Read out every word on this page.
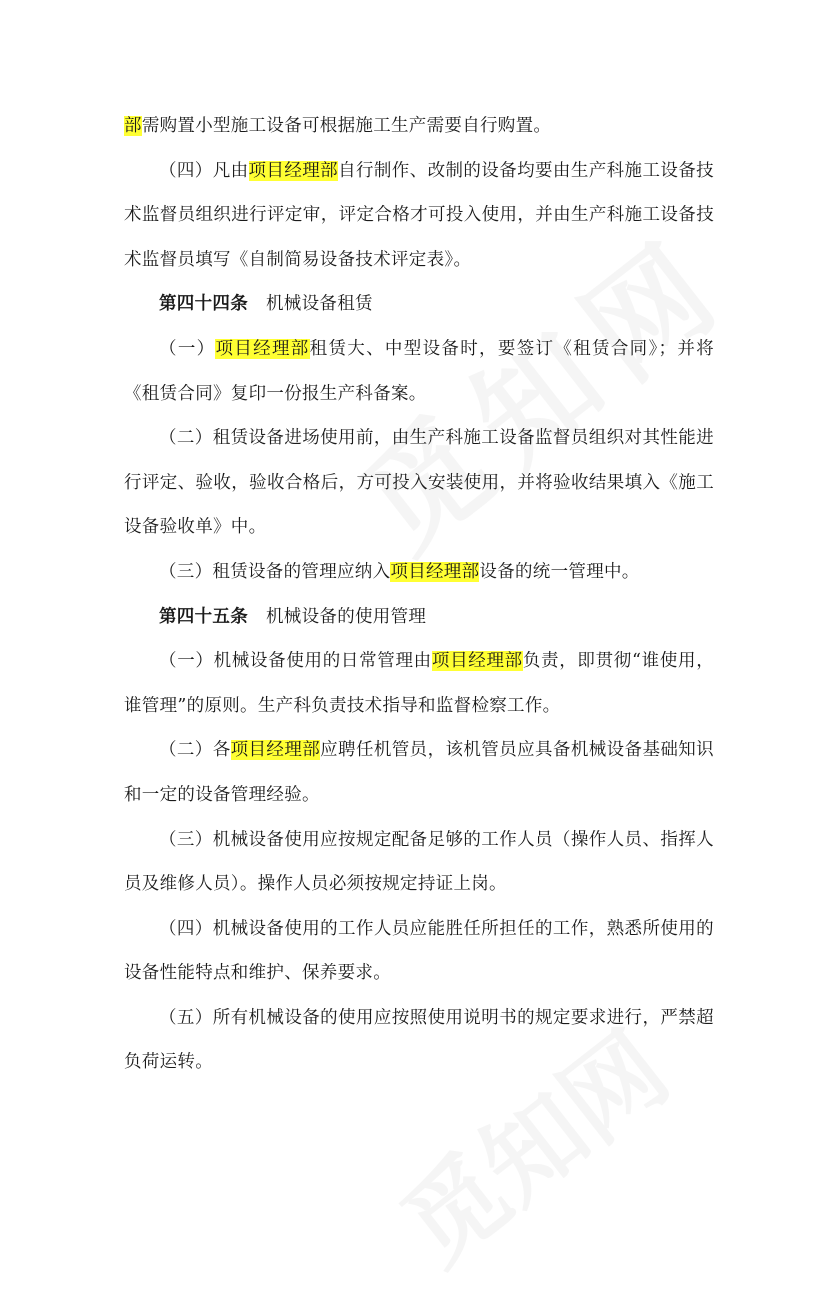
部需购置小型施工设备可根据施工生产需要自行购置。

（四）凡由项目经理部自行制作、改制的设备均要由生产科施工设备技术监督员组织进行评定审，评定合格才可投入使用，并由生产科施工设备技术监督员填写《自制简易设备技术评定表》。

第四十四条 机械设备租赁

（一）项目经理部租赁大、中型设备时，要签订《租赁合同》；并将《租赁合同》复印一份报生产科备案。

（二）租赁设备进场使用前，由生产科施工设备监督员组织对其性能进行评定、验收，验收合格后，方可投入安装使用，并将验收结果填入《施工设备验收单》中。

（三）租赁设备的管理应纳入项目经理部设备的统一管理中。

第四十五条 机械设备的使用管理

（一）机械设备使用的日常管理由项目经理部负责，即贯彻“谁使用，谁管理”的原则。生产科负责技术指导和监督检察工作。

（二）各项目经理部应聘任机管员，该机管员应具备机械设备基础知识和一定的设备管理经验。

（三）机械设备使用应按规定配备足够的工作人员（操作人员、指挥人员及维修人员）。操作人员必须按规定持证上岗。

（四）机械设备使用的工作人员应能胜任所担任的工作，熟悉所使用的设备性能特点和维护、保养要求。

（五）所有机械设备的使用应按照使用说明书的规定要求进行，严禁超负荷运转。
